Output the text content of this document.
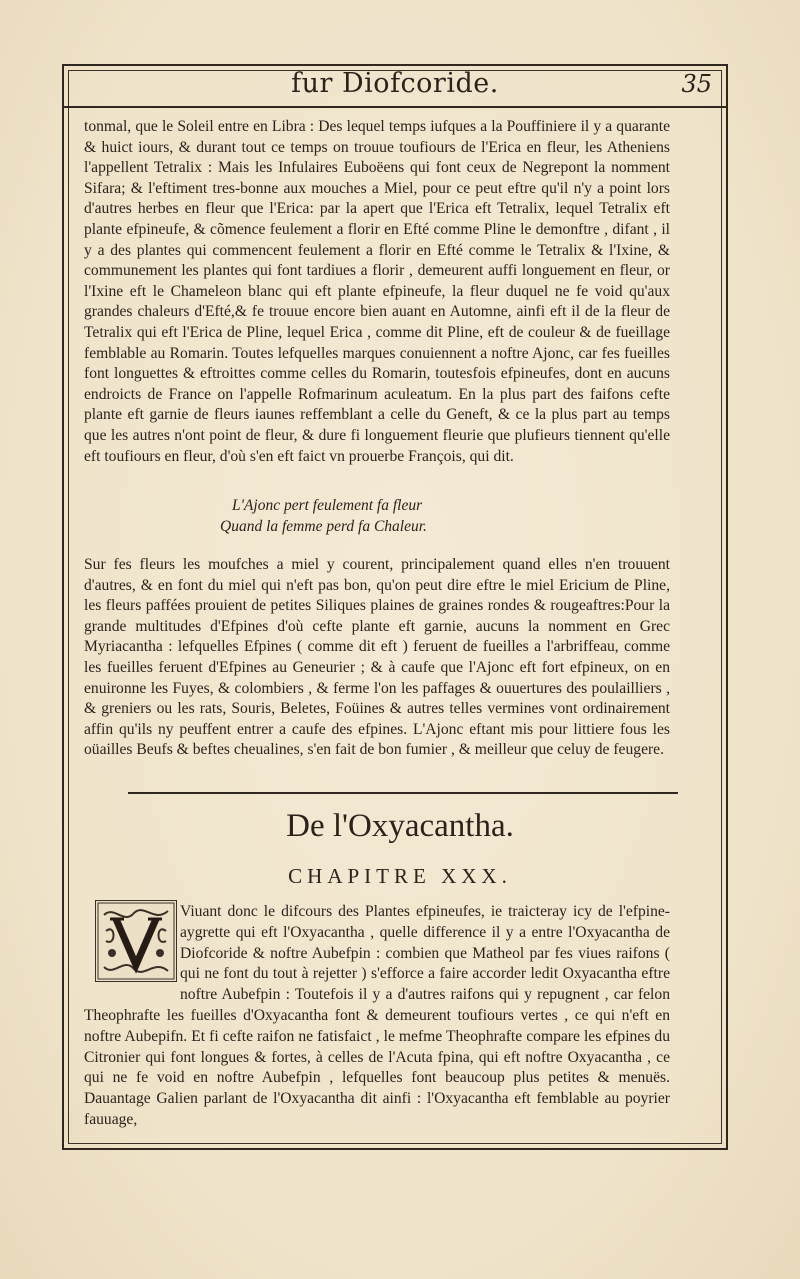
fur Diofcoride.	35

tonmal, que le Soleil entre en Libra : Des lequel temps iufques a la Pouffiniere il y a quarante & huict iours, & durant tout ce temps on trouue toufiours de l'Erica en fleur, les Atheniens l'appellent Tetralix : Mais les Infulaires Euboëens qui font ceux de Negrepont la nomment Sifara; & l'eftiment tres-bonne aux mouches a Miel, pour ce peut eftre qu'il n'y a point lors d'autres herbes en fleur que l'Erica: par la apert que l'Erica eft Tetralix, lequel Tetralix eft plante efpineufe, & cõmence feulement a florir en Efté comme Pline le demonftre , difant , il y a des plantes qui commencent feulement a florir en Efté comme le Tetralix & l'Ixine, & communement les plantes qui font tardiues a florir , demeurent auffi longuement en fleur, or l'Ixine eft le Chameleon blanc qui eft plante efpineufe, la fleur duquel ne fe void qu'aux grandes chaleurs d'Efté,& fe trouue encore bien auant en Automne, ainfi eft il de la fleur de Tetralix qui eft l'Erica de Pline, lequel Erica , comme dit Pline, eft de couleur & de fueillage femblable au Romarin. Toutes lefquelles marques conuiennent a noftre Ajonc, car fes fueilles font longuettes & eftroittes comme celles du Romarin, toutesfois efpineufes, dont en aucuns endroicts de France on l'appelle Rofmarinum aculeatum. En la plus part des faifons cefte plante eft garnie de fleurs iaunes reffemblant a celle du Geneft, & ce la plus part au temps que les autres n'ont point de fleur, & dure fi longuement fleurie que plufieurs tiennent qu'elle eft toufiours en fleur, d'où s'en eft faict vn prouerbe François, qui dit.

L'Ajonc pert feulement fa fleur
Quand la femme perd fa Chaleur.

Sur fes fleurs les moufches a miel y courent, principalement quand elles n'en trouuent d'autres, & en font du miel qui n'eft pas bon, qu'on peut dire eftre le miel Ericium de Pline, les fleurs paffées prouient de petites Siliques plaines de graines rondes & rougeaftres:Pour la grande multitudes d'Efpines d'où cefte plante eft garnie, aucuns la nomment en Grec Myriacantha : lefquelles Efpines ( comme dit eft ) feruent de fueilles a l'arbriffeau, comme les fueilles feruent d'Efpines au Geneurier ; & à caufe que l'Ajonc eft fort efpineux, on en enuironne les Fuyes, & colombiers , & ferme l'on les paffages & ouuertures des poulailliers , & greniers ou les rats, Souris, Beletes, Foüines & autres telles vermines vont ordinairement affin qu'ils ny peuffent entrer a caufe des efpines. L'Ajonc eftant mis pour littiere fous les oüailles Beufs & beftes cheualines, s'en fait de bon fumier , & meilleur que celuy de feugere.

De l'Oxyacantha.
CHAPITRE XXX.

Viuant donc le difcours des Plantes efpineufes, ie traicteray icy de l'efpine-aygrette qui eft l'Oxyacantha , quelle difference il y a entre l'Oxyacantha de Diofcoride & noftre Aubefpin : combien que Matheol par fes viues raifons ( qui ne font du tout à rejetter ) s'efforce a faire accorder ledit Oxyacantha eftre noftre Aubefpin : Toutefois il y a d'autres raifons qui y repugnent , car felon Theophrafte les fueilles d'Oxyacantha font & demeurent toufiours vertes , ce qui n'eft en noftre Aubepifn. Et fi cefte raifon ne fatisfaict , le mefme Theophrafte compare les efpines du Citronier qui font longues & fortes, à celles de l'Acuta fpina, qui eft noftre Oxyacantha , ce qui ne fe void en noftre Aubefpin , lefquelles font beaucoup plus petites & menuës. Dauantage Galien parlant de l'Oxyacantha dit ainfi : l'Oxyacantha eft femblable au poyrier fauuage,
